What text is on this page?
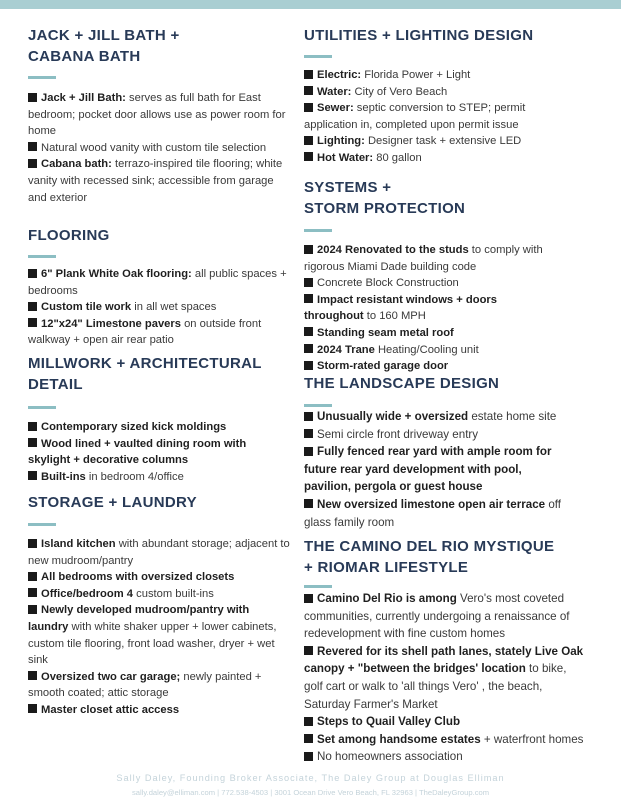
JACK + JILL BATH +
CABANA BATH
Jack + Jill Bath: serves as full bath for East bedroom; pocket door allows use as power room for home
Natural wood vanity with custom tile selection
Cabana bath: terrazo-inspired tile flooring; white vanity with recessed sink; accessible from garage and exterior
FLOORING
6" Plank White Oak flooring: all public spaces + bedrooms
Custom tile work in all wet spaces
12"x24" Limestone pavers on outside front walkway + open air rear patio
MILLWORK + ARCHITECTURAL
DETAIL
Contemporary sized kick moldings
Wood lined + vaulted dining room with skylight + decorative columns
Built-ins in bedroom 4/office
STORAGE + LAUNDRY
Island kitchen with abundant storage; adjacent to new mudroom/pantry
All bedrooms with oversized closets
Office/bedroom 4 custom built-ins
Newly developed mudroom/pantry with laundry with white shaker upper + lower cabinets, custom tile flooring, front load washer, dryer + wet sink
Oversized two car garage; newly painted + smooth coated; attic storage
Master closet attic access
UTILITIES + LIGHTING DESIGN
Electric: Florida Power + Light
Water: City of Vero Beach
Sewer: septic conversion to STEP; permit application in, completed upon permit issue
Lighting: Designer task + extensive LED
Hot Water: 80 gallon
SYSTEMS +
STORM PROTECTION
2024 Renovated to the studs to comply with rigorous Miami Dade building code
Concrete Block Construction
Impact resistant windows + doors throughout to 160 MPH
Standing seam metal roof
2024 Trane Heating/Cooling unit
Storm-rated garage door
THE LANDSCAPE DESIGN
Unusually wide + oversized estate home site
Semi circle front driveway entry
Fully fenced rear yard with ample room for future rear yard development with pool, pavilion, pergola or guest house
New oversized limestone open air terrace off glass family room
THE CAMINO DEL RIO MYSTIQUE
+ RIOMAR LIFESTYLE
Camino Del Rio is among Vero's most coveted communities, currently undergoing a renaissance of redevelopment with fine custom homes
Revered for its shell path lanes, stately Live Oak canopy + "between the bridges' location to bike, golf cart or walk to 'all things Vero' , the beach, Saturday Farmer's Market
Steps to Quail Valley Club
Set among handsome estates + waterfront homes
No homeowners association
Sally Daley, Founding Broker Associate, The Daley Group at Douglas Elliman
sally.daley@elliman.com | 772.538-4503 | 3001 Ocean Drive Vero Beach, FL 32963 | TheDaleyGroup.com
